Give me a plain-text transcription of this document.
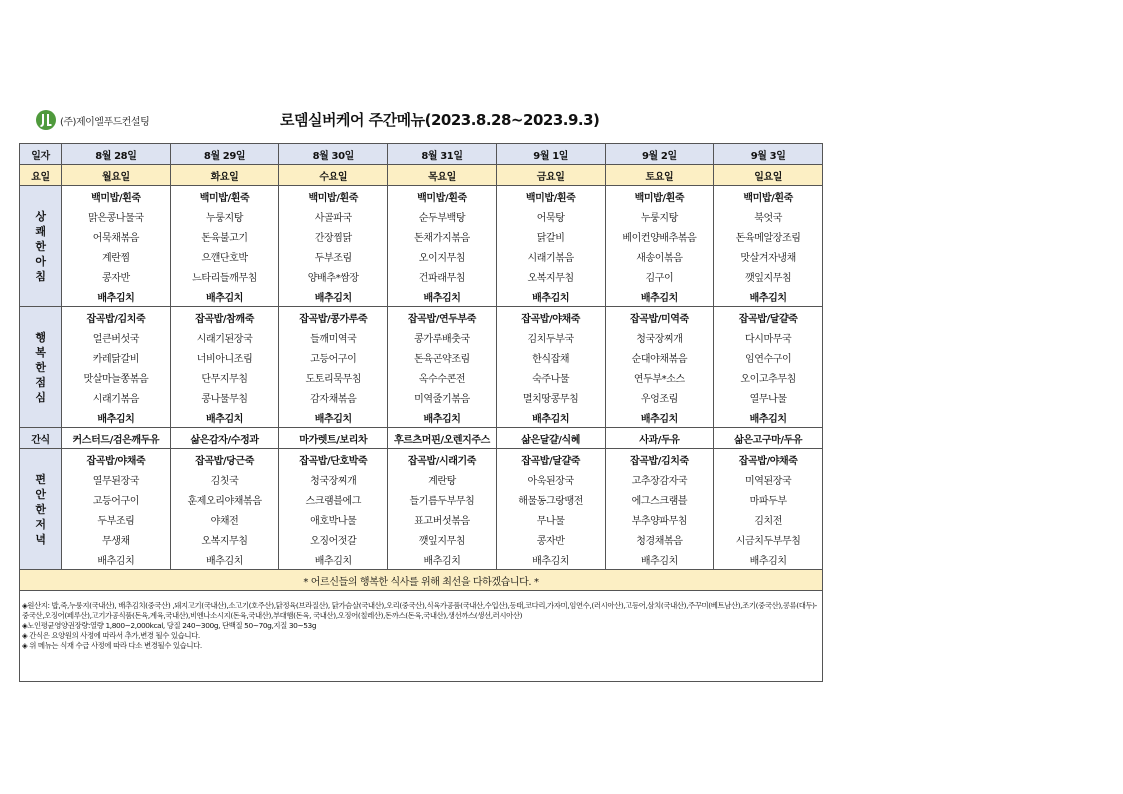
(주)제이엘푸드컨설팅	로뎀실버케어 주간메뉴(2023.8.28~2023.9.3)
일자	8월 28일	8월 29일	8월 30일	8월 31일	9월 1일	9월 2일	9월 3일
요일	월요일	화요일	수요일	목요일	금요일	토요일	일요일

상
쾌
한
아
침	백미밥/흰죽	백미밥/흰죽	백미밥/흰죽	백미밥/흰죽	백미밥/흰죽	백미밥/흰죽	백미밥/흰죽
	맑은콩나물국	누룽지탕	사골파국	순두부백탕	어묵탕	누룽지탕	북엇국
	어묵채볶음	돈육불고기	간장찜닭	돈채가지볶음	닭갈비	베이컨양배추볶음	돈육메알장조림
	계란찜	으깬단호박	두부조림	오이지무침	시래기볶음	새송이볶음	맛살겨자냉채
	콩자반	느타리들깨무침	양배추*쌈장	건파래무침	오복지무침	김구이	깻잎지무침
	배추김치	배추김치	배추김치	배추김치	배추김치	배추김치	배추김치

행
복
한
점
심	잡곡밥/김치죽	잡곡밥/참깨죽	잡곡밥/콩가루죽	잡곡밥/연두부죽	잡곡밥/야채죽	잡곡밥/미역죽	잡곡밥/달걀죽
	얼큰버섯국	시래기된장국	들깨미역국	콩가루배춧국	김치두부국	청국장찌개	다시마무국
	카레닭갈비	너비아니조림	고등어구이	돈육곤약조림	한식잡채	순대야채볶음	임연수구이
	맛살마늘쫑볶음	단무지무침	도토리묵무침	옥수수콘전	숙주나물	연두부*소스	오이고추무침
	시래기볶음	콩나물무침	감자채볶음	미역줄기볶음	멸치땅콩무침	우엉조림	열무나물
	배추김치	배추김치	배추김치	배추김치	배추김치	배추김치	배추김치
간식	커스터드/검은깨두유	삶은감자/수정과	마가렛트/보리차	후르츠머핀/오렌지주스	삶은달걀/식혜	사과/두유	삶은고구마/두유

편
안
한
저
녁	잡곡밥/야채죽	잡곡밥/당근죽	잡곡밥/단호박죽	잡곡밥/시래기죽	잡곡밥/달걀죽	잡곡밥/김치죽	잡곡밥/야채죽
	열무된장국	김칫국	청국장찌개	계란탕	아욱된장국	고추장감자국	미역된장국
	고등어구이	훈제오리야채볶음	스크램블에그	들기름두부무침	해물동그랑땡전	에그스크램블	마파두부
	두부조림	야채전	애호박나물	표고버섯볶음	무나물	부추양파무침	김치전
	무생채	오복지무침	오징어젓갈	깻잎지무침	콩자반	청경채볶음	시금치두부무침
	배추김치	배추김치	배추김치	배추김치	배추김치	배추김치	배추김치
* 어르신들의 행복한 식사를 위해 최선을 다하겠습니다. *							

◈원산지: 밥,죽,누룽지(국내산), 배추김치(중국산) ,돼지고기(국내산),소고기(호주산),닭정육(브라질산), 닭가슴살(국내산),오리(중국산),식육가공품(국내산,수입산),동태,코다리,가자미,임연수,(러시아산),고등어,삼치(국내산),주꾸미(베트남산),조기(중국산),콩류(대두)-중국산,오징어(페루산),고기가공식품(돈육,계육,국내산),비엔나소시지(돈육,국내산),부대햄(돈육, 국내산),오징어(칠레산),돈까스(돈육,국내산),생선까스(생선,러시아산)
◈노인평균영양권장량:열량 1,800~2,000kcal, 당질 240~300g, 단백질 50~70g,지질 30~53g
◈ 간식은 요양원의 사정에 따라서 추가,변경 될수 있습니다.
◈ 위 메뉴는 식재 수급 사정에 따라 다소 변경될수 있습니다.							
